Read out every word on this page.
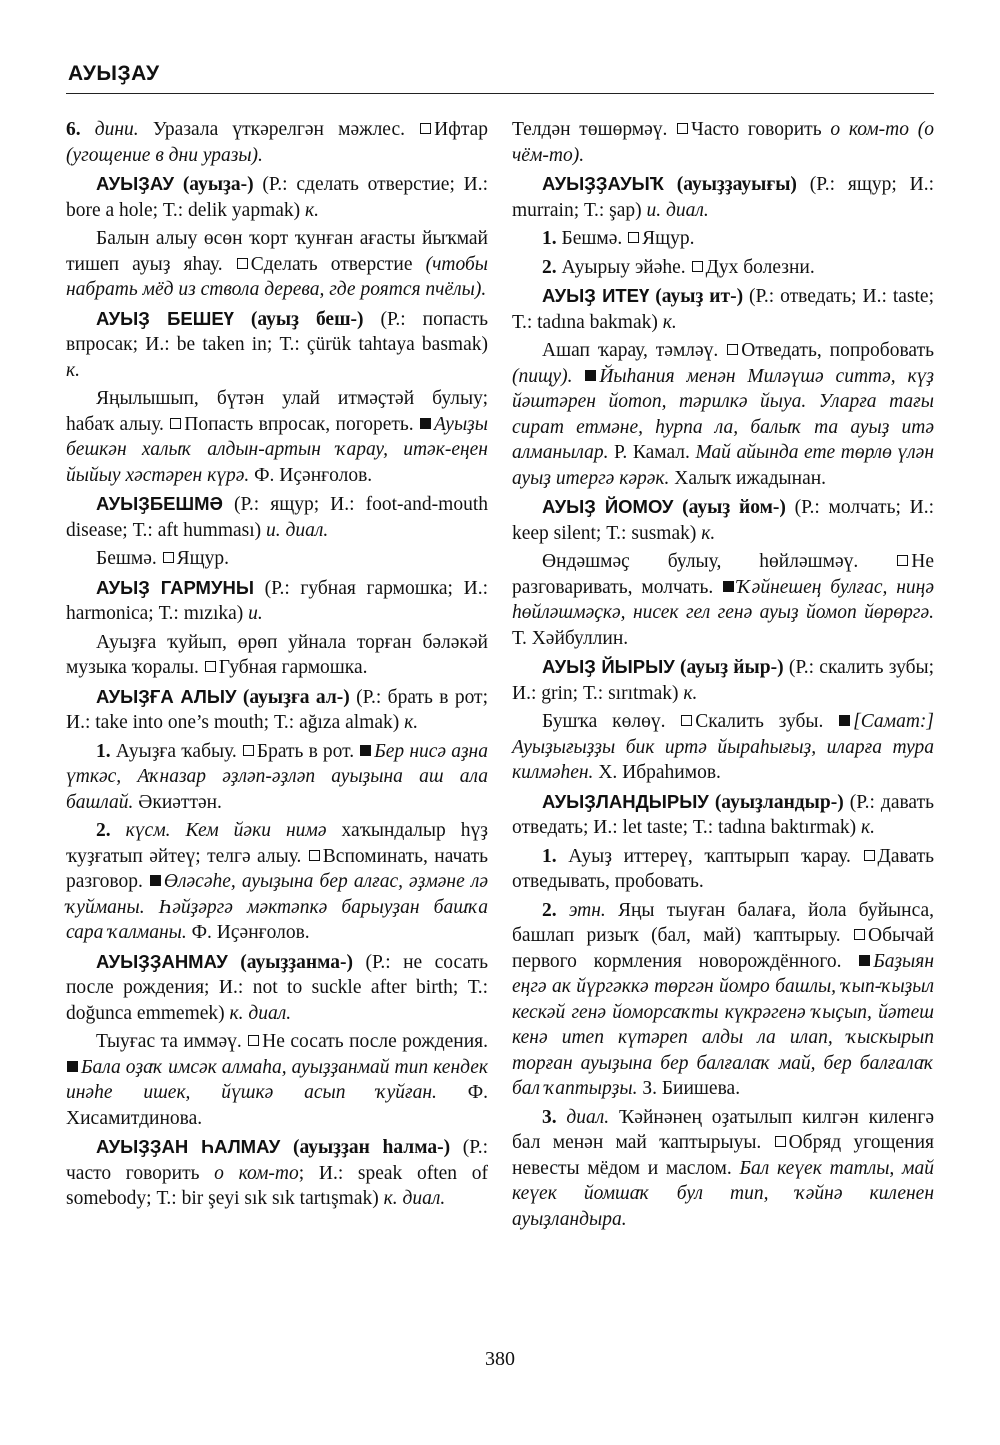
АУЫҘАУ

6. дини. Уразала үткәрелгән мәжлес. Ифтар (угощение в дни уразы).

АУЫҘАУ (ауыҙа-) (Р.: сделать отверстие; И.: bore a hole; Т.: delik yapmak) к.

Балын алыу өсөн ҡорт ҡунған ағасты йыҡмай тишеп ауыҙ яһау. Сделать отверстие (чтобы набрать мёд из ствола дерева, где роятся пчёлы).

АУЫҘ БЕШЕҮ (ауыҙ беш-) (Р.: попасть впросак; И.: be taken in; Т.: çürük tahtaya basmak) к.

Яңылышып, бүтән улай итмәҫтәй булыу; һабаҡ алыу. Попасть впросак, погореть. Ауыҙы бешкән халыҡ алдын-артын ҡарау, итәк-еңен йыйыу хәстәрен күрә. Ф. Иҫәнғолов.

АУЫҘБЕШМӘ (Р.: ящур; И.: foot-and-mouth disease; Т.: aft humması) и. диал.

Бешмә. Ящур.

АУЫҘ ГАРМУНЫ (Р.: губная гармошка; И.: harmonica; Т.: mızıka) и.

Ауыҙға ҡуйып, өрөп уйнала торған бәләкәй музыка ҡоралы. Губная гармошка.

АУЫҘҒА АЛЫУ (ауыҙға ал-) (Р.: брать в рот; И.: take into one’s mouth; Т.: ağıza almak) к.

1. Ауыҙға ҡабыу. Брать в рот. Бер нисә аҙна үткәс, Аҡназар әҙләп-әҙләп ауыҙына аш ала башлай. Әкиәттән.

2. күсм. Кем йәки нимә хаҡындалыр һүҙ ҡуҙғатып әйтеү; телгә алыу. Вспоминать, начать разговор. Өләсәһе, ауыҙына бер алғас, әҙмәне лә ҡуйманы. Һәйҙәргә мәктәпкә барыуҙан башҡа сара ҡалманы. Ф. Иҫәнғолов.

АУЫҘҘАНМАУ (ауыҙҙанма-) (Р.: не сосать после рождения; И.: not to suckle after birth; Т.: doğunca emmemek) к. диал.

Тыуғас та иммәү. Не сосать после рождения. Бала оҙаҡ имсәк алмаһа, ауыҙҙанмай тип кендек инәһе ишек, йүшкә асып ҡуйған. Ф. Хисамитдинова.

АУЫҘҘАН ҺАЛМАУ (ауыҙҙан һалма-) (Р.: часто говорить о ком-то; И.: speak often of somebody; Т.: bir şeyi sık sık tartışmak) к. диал.

Телдән төшөрмәү. Часто говорить о ком-то (о чём-то).

АУЫҘҘАУЫҠ (ауыҙҙауығы) (Р.: ящур; И.: murrain; Т.: şap) и. диал.

1. Бешмә. Ящур.

2. Ауырыу эйәһе. Дух болезни.

АУЫҘ ИТЕҮ (ауыҙ ит-) (Р.: отведать; И.: taste; Т.: tadına bakmak) к.

Ашап ҡарау, тәмләү. Отведать, попробовать (пищу). Йыһания менән Миләүшә ситтә, күҙ йәштәрен йотоп, тәрилкә йыуа. Уларға тағы сират етмәне, һурпа ла, балыҡ та ауыҙ итә алманылар. Р. Камал. Май айында ете төрлө үлән ауыҙ итергә кәрәк. Халыҡ ижадынан.

АУЫҘ ЙОМОУ (ауыҙ йом-) (Р.: молчать; И.: keep silent; Т.: susmak) к.

Өндәшмәҫ булыу, һөйләшмәү. Не разговаривать, молчать. Ҡәйнешең булғас, ниңә һөйләшмәҫкә, нисек гел генә ауыҙ йомоп йөрөргә. Т. Хәйбуллин.

АУЫҘ ЙЫРЫУ (ауыҙ йыр-) (Р.: скалить зубы; И.: grin; Т.: sırıtmak) к.

Бушҡа көлөү. Скалить зубы. [Самат:] Ауыҙығыҙҙы бик иртә йыраһығыҙ, иларға тура килмәһен. Х. Ибраһимов.

АУЫҘЛАНДЫРЫУ (ауыҙландыр-) (Р.: давать отведать; И.: let taste; Т.: tadına baktırmak) к.

1. Ауыҙ иттереү, ҡаптырып ҡарау. Давать отведывать, пробовать.

2. этн. Яңы тыуған балаға, йола буйынса, башлап ризыҡ (бал, май) ҡаптырыу. Обычай первого кормления новорождённого. Баҙыян еңгә ак йүргәккә төргән йомро башлы, ҡып-ҡыҙыл кескәй генә йоморсаҡты күкрәгенә ҡыҫып, йәтеш кенә итеп күтәреп алды ла илап, ҡыскырып торған ауыҙына бер балғалаҡ май, бер балғалаҡ бал ҡаптырҙы. З. Биишева.

3. диал. Ҡәйнәнең оҙатылып килгән киленгә бал менән май ҡаптырыуы. Обряд угощения невесты мёдом и маслом. Бал кеүек татлы, май кеүек йомшаҡ бул тип, ҡәйнә киленен ауыҙландыра.

380
